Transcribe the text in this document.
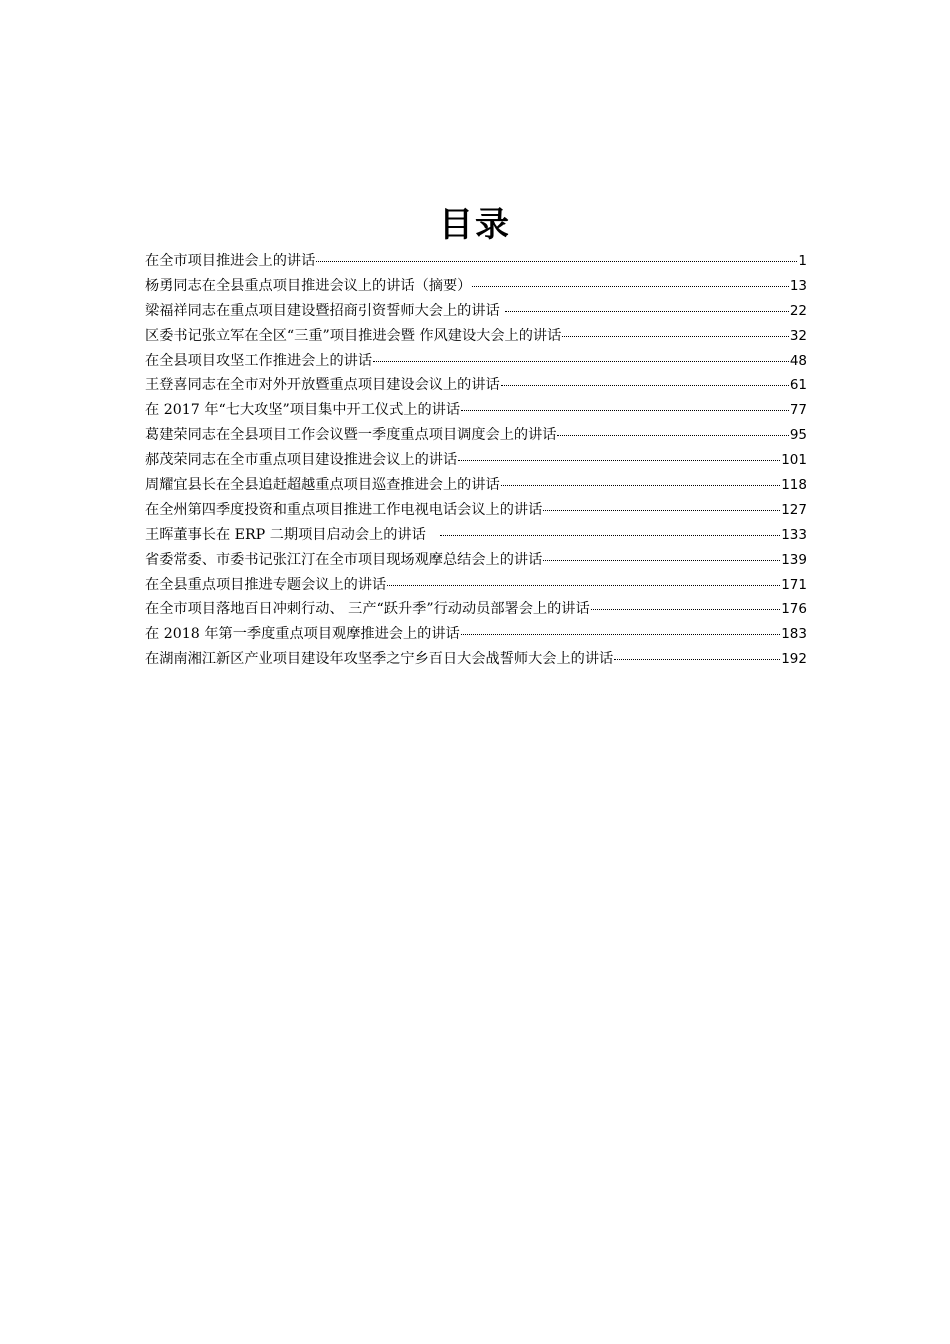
目录
在全市项目推进会上的讲话	1
杨勇同志在全县重点项目推进会议上的讲话（摘要）	13
梁福祥同志在重点项目建设暨招商引资誓师大会上的讲话	22
区委书记张立军在全区“三重”项目推进会暨 作风建设大会上的讲话	32
在全县项目攻坚工作推进会上的讲话	48
王登喜同志在全市对外开放暨重点项目建设会议上的讲话	61
在 2017 年“七大攻坚”项目集中开工仪式上的讲话	77
葛建荣同志在全县项目工作会议暨一季度重点项目调度会上的讲话	95
郝茂荣同志在全市重点项目建设推进会议上的讲话	101
周耀宜县长在全县追赶超越重点项目巡查推进会上的讲话	118
在全州第四季度投资和重点项目推进工作电视电话会议上的讲话	127
王晖董事长在 ERP 二期项目启动会上的讲话	133
省委常委、市委书记张江汀在全市项目现场观摩总结会上的讲话	139
在全县重点项目推进专题会议上的讲话	171
在全市项目落地百日冲刺行动、 三产“跃升季”行动动员部署会上的讲话	176
在 2018 年第一季度重点项目观摩推进会上的讲话	183
在湖南湘江新区产业项目建设年攻坚季之宁乡百日大会战誓师大会上的讲话	192
